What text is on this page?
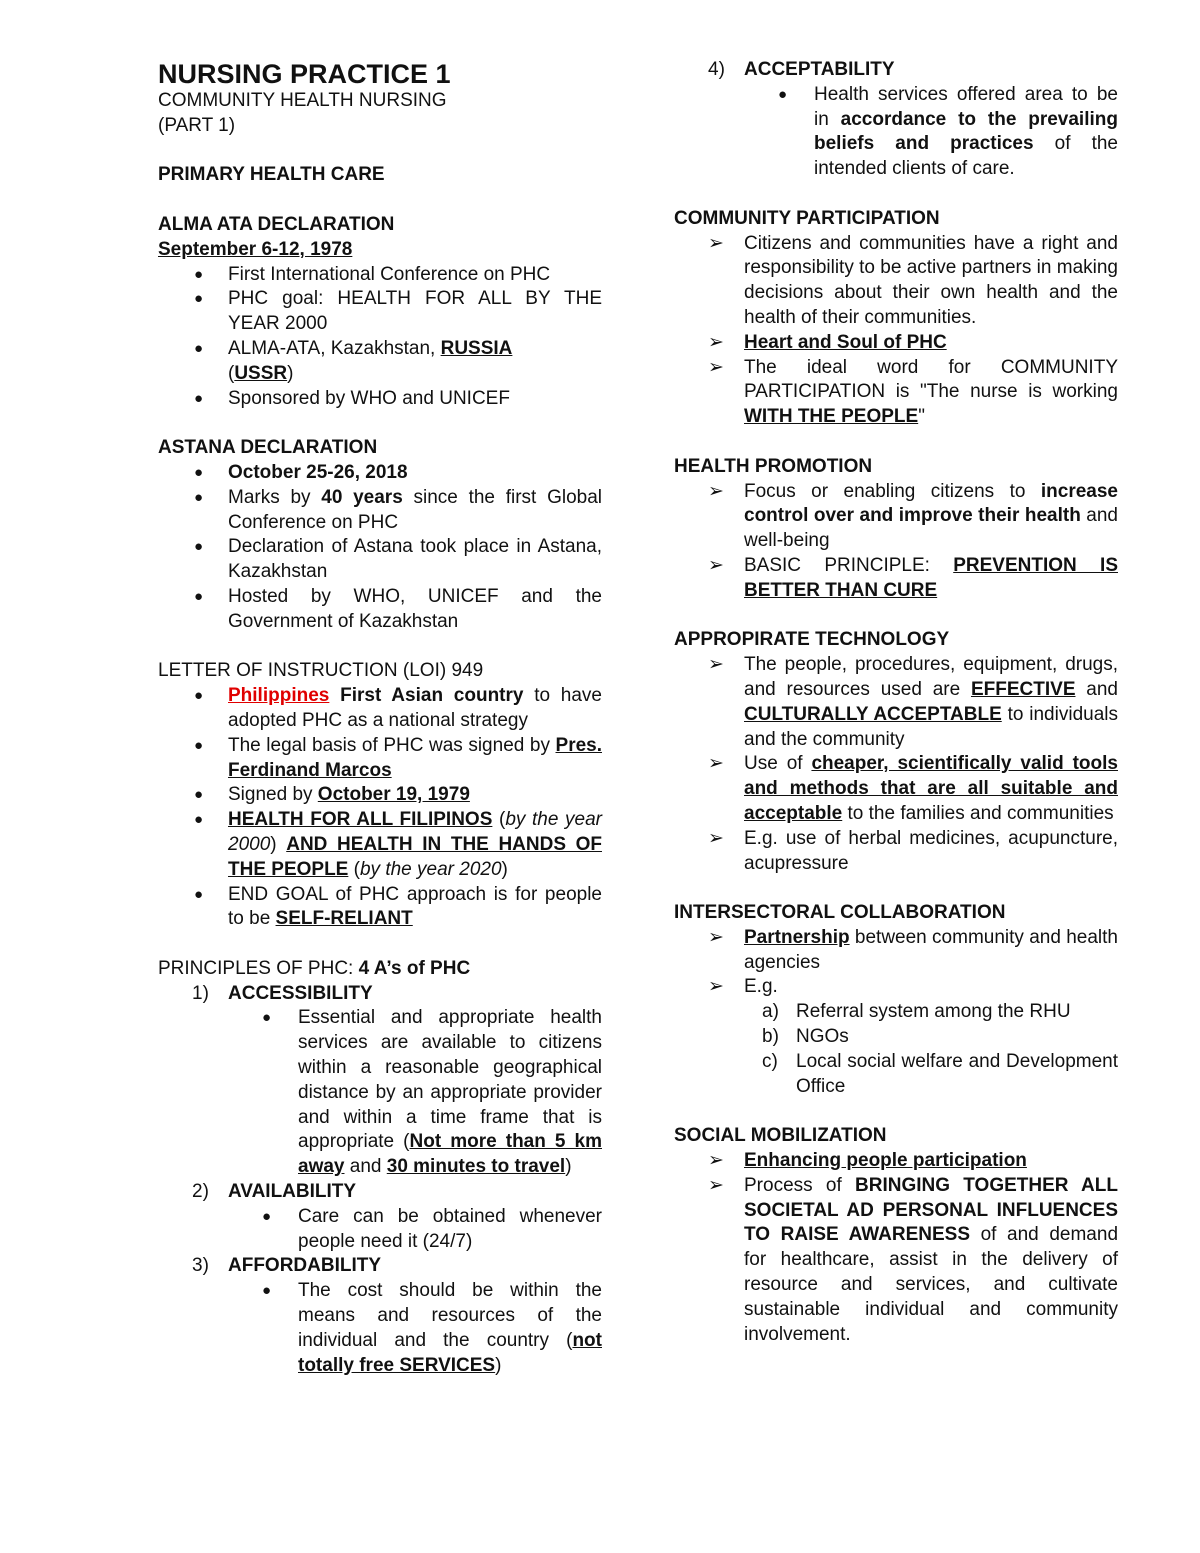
NURSING PRACTICE 1
COMMUNITY HEALTH NURSING
(PART 1)
PRIMARY HEALTH CARE
ALMA ATA DECLARATION
September 6-12, 1978
●	First International Conference on PHC
●	PHC goal: HEALTH FOR ALL BY THE YEAR 2000
●	ALMA-ATA, Kazakhstan, RUSSIA
(USSR)
●	Sponsored by WHO and UNICEF
ASTANA DECLARATION
●	October 25-26, 2018
●	Marks by 40 years since the first Global Conference on PHC
●	Declaration of Astana took place in Astana, Kazakhstan
●	Hosted by WHO, UNICEF and the Government of Kazakhstan
LETTER OF INSTRUCTION (LOI) 949
●	Philippines First Asian country to have adopted PHC as a national strategy
●	The legal basis of PHC was signed by Pres. Ferdinand Marcos
●	Signed by October 19, 1979
●	HEALTH FOR ALL FILIPINOS (by the year 2000) AND HEALTH IN THE HANDS OF THE PEOPLE (by the year 2020)
●	END GOAL of PHC approach is for people to be SELF-RELIANT
PRINCIPLES OF PHC: 4 A’s of PHC
1) ACCESSIBILITY
●	Essential and appropriate health services are available to citizens within a reasonable geographical distance by an appropriate provider and within a time frame that is appropriate (Not more than 5 km away and 30 minutes to travel)
2) AVAILABILITY
●	Care can be obtained whenever people need it (24/7)
3) AFFORDABILITY
●	The cost should be within the means and resources of the individual and the country (not totally free SERVICES)
4) ACCEPTABILITY
●	Health services offered area to be in accordance to the prevailing beliefs and practices of the intended clients of care.
COMMUNITY PARTICIPATION
➢ Citizens and communities have a right and responsibility to be active partners in making decisions about their own health and the health of their communities.
➢ Heart and Soul of PHC
➢ The ideal word for COMMUNITY PARTICIPATION is "The nurse is working WITH THE PEOPLE"
HEALTH PROMOTION
➢ Focus or enabling citizens to increase control over and improve their health and well-being
➢ BASIC PRINCIPLE: PREVENTION IS BETTER THAN CURE
APPROPIRATE TECHNOLOGY
➢ The people, procedures, equipment, drugs, and resources used are EFFECTIVE and CULTURALLY ACCEPTABLE to individuals and the community
➢ Use of cheaper, scientifically valid tools and methods that are all suitable and acceptable to the families and communities
➢ E.g. use of herbal medicines, acupuncture, acupressure
INTERSECTORAL COLLABORATION
➢ Partnership between community and health agencies
➢ E.g.
a) Referral system among the RHU
b) NGOs
c) Local social welfare and Development Office
SOCIAL MOBILIZATION
➢ Enhancing people participation
➢ Process of BRINGING TOGETHER ALL SOCIETAL AD PERSONAL INFLUENCES TO RAISE AWARENESS of and demand for healthcare, assist in the delivery of resource and services, and cultivate sustainable individual and community involvement.
